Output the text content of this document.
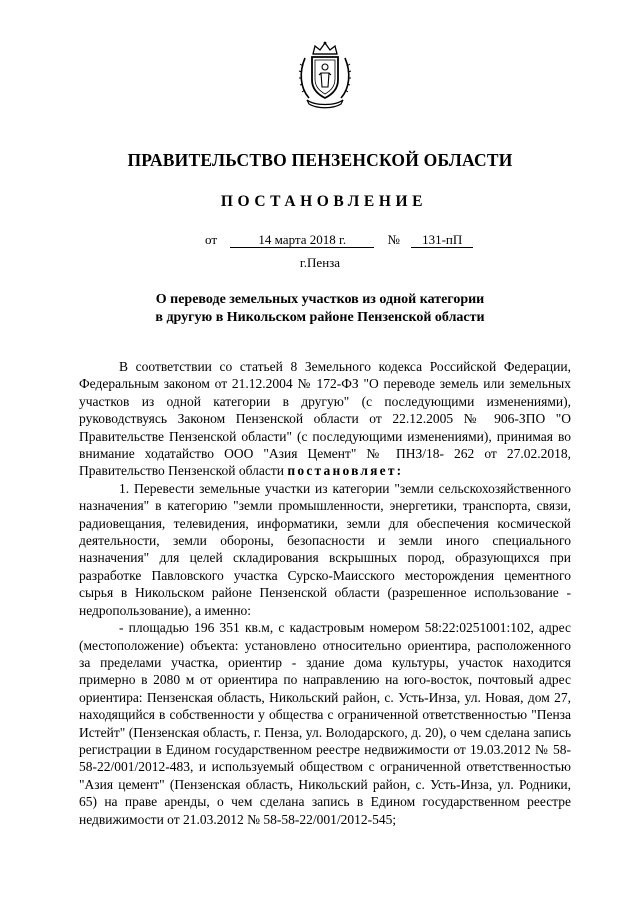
ПРАВИТЕЛЬСТВО ПЕНЗЕНСКОЙ ОБЛАСТИ
ПОСТАНОВЛЕНИЕ
от	14 марта 2018 г.	№ 131-пП
г.Пенза
О переводе земельных участков из одной категории
в другую в Никольском районе Пензенской области

В соответствии со статьей 8 Земельного кодекса Российской Федерации, Федеральным законом от 21.12.2004 № 172-ФЗ "О переводе земель или земельных участков из одной категории в другую" (с последующими изменениями), руководствуясь Законом Пензенской области от 22.12.2005 № 906-ЗПО "О Правительстве Пензенской области" (с последующими изменениями), принимая во внимание ходатайство ООО "Азия Цемент" № ПНЗ/18- 262 от 27.02.2018, Правительство Пензенской области постановляет:

1. Перевести земельные участки из категории "земли сельскохозяйственного назначения" в категорию "земли промышленности, энергетики, транспорта, связи, радиовещания, телевидения, информатики, земли для обеспечения космической деятельности, земли обороны, безопасности и земли иного специального назначения" для целей складирования вскрышных пород, образующихся при разработке Павловского участка Сурско-Маисского месторождения цементного сырья в Никольском районе Пензенской области (разрешенное использование - недропользование), а именно:

- площадью 196 351 кв.м, с кадастровым номером 58:22:0251001:102, адрес (местоположение) объекта: установлено относительно ориентира, расположенного за пределами участка, ориентир - здание дома культуры, участок находится примерно в 2080 м от ориентира по направлению на юго-восток, почтовый адрес ориентира: Пензенская область, Никольский район, с. Усть-Инза, ул. Новая, дом 27, находящийся в собственности у общества с ограниченной ответственностью "Пенза Истейт" (Пензенская область, г. Пенза, ул. Володарского, д. 20), о чем сделана запись регистрации в Едином государственном реестре недвижимости от 19.03.2012 № 58-58-22/001/2012-483, и используемый обществом с ограниченной ответственностью "Азия цемент" (Пензенская область, Никольский район, с. Усть-Инза, ул. Родники, 65) на праве аренды, о чем сделана запись в Едином государственном реестре недвижимости от 21.03.2012 № 58-58-22/001/2012-545;
